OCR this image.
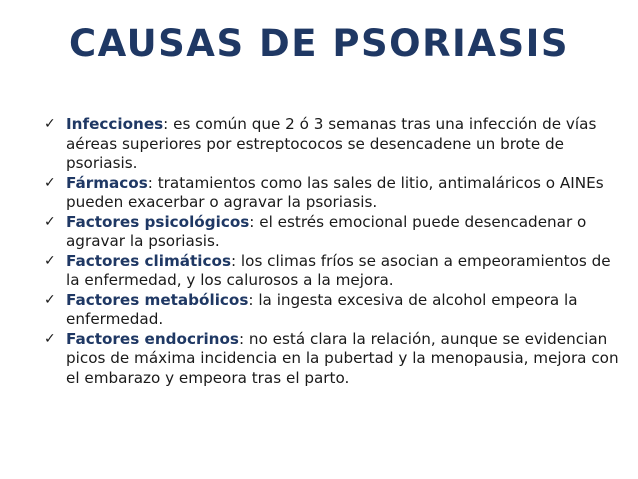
CAUSAS DE PSORIASIS
✓ Infecciones: es común que 2 ó 3 semanas tras una infección de vías aéreas superiores por estreptococos se desencadene un brote de psoriasis.
✓ Fármacos: tratamientos como las sales de litio, antimaláricos o AINEs pueden exacerbar o agravar la psoriasis.
✓ Factores psicológicos: el estrés emocional puede desencadenar o agravar la psoriasis.
✓ Factores climáticos: los climas fríos se asocian a empeoramientos de la enfermedad, y los calurosos a la mejora.
✓ Factores metabólicos: la ingesta excesiva de alcohol empeora la enfermedad.
✓ Factores endocrinos: no está clara la relación, aunque se evidencian picos de máxima incidencia en la pubertad y la menopausia, mejora con el embarazo y empeora tras el parto.
